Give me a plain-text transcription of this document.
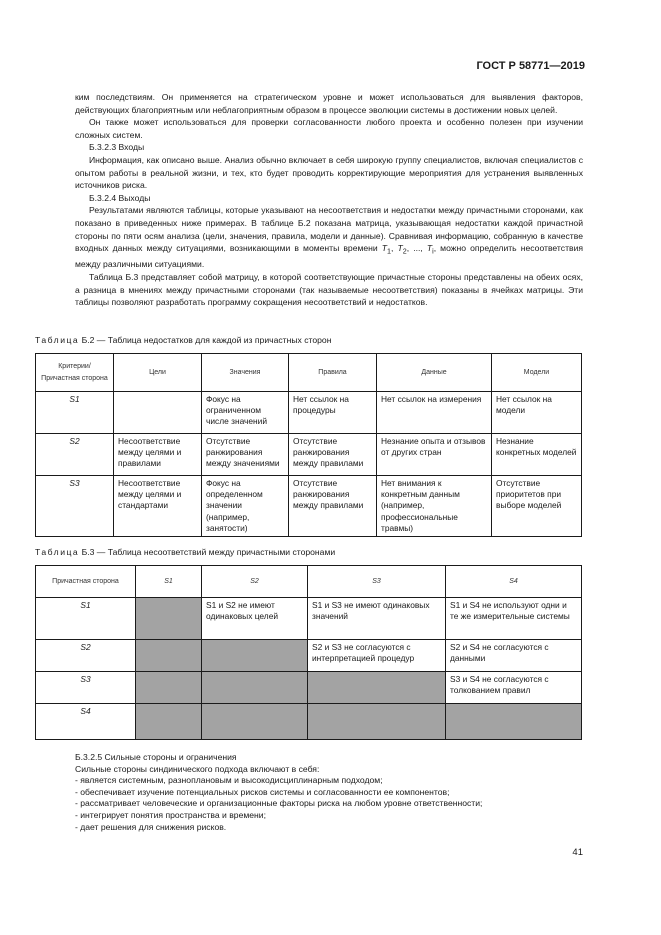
ГОСТ Р 58771—2019

ким последствиям. Он применяется на стратегическом уровне и может использоваться для выявления факторов, действующих благоприятным или неблагоприятным образом в процессе эволюции системы в достижении новых целей.

Он также может использоваться для проверки согласованности любого проекта и особенно полезен при изучении сложных систем.

Б.3.2.3 Входы

Информация, как описано выше. Анализ обычно включает в себя широкую группу специалистов, включая специалистов с опытом работы в реальной жизни, и тех, кто будет проводить корректирующие мероприятия для устранения выявленных источников риска.

Б.3.2.4 Выходы

Результатами являются таблицы, которые указывают на несоответствия и недостатки между причастными сторонами, как показано в приведенных ниже примерах. В таблице Б.2 показана матрица, указывающая недостатки каждой причастной стороны по пяти осям анализа (цели, значения, правила, модели и данные). Сравнивая информацию, собранную в качестве входных данных между ситуациями, возникающими в моменты времени $T_1$, $T_2$, ..., $T_i$, можно определить несоответствия между различными ситуациями.

Таблица Б.3 представляет собой матрицу, в которой соответствующие причастные стороны представлены на обеих осях, а разница в мнениях между причастными сторонами (так называемые несоответствия) показаны в ячейках матрицы. Эти таблицы позволяют разработать программу сокращения несоответствий и недостатков.

Таблица Б.2 — Таблица недостатков для каждой из причастных сторон
Критерии/ Причастная сторона	Цели	Значения	Правила	Данные	Модели
S1		Фокус на ограниченном числе значений	Нет ссылок на процедуры	Нет ссылок на измерения	Нет ссылок на модели
S2	Несоответствие между целями и правилами	Отсутствие ранжирования между значениями	Отсутствие ранжирования между правилами	Незнание опыта и отзывов от других стран	Незнание конкретных моделей
S3	Несоответствие между целями и стандартами	Фокус на определенном значении (например, занятости)	Отсутствие ранжирования между правилами	Нет внимания к конкретным данным (например, профессиональные травмы)	Отсутствие приоритетов при выборе моделей
Таблица Б.3 — Таблица несоответствий между причастными сторонами
Причастная сторона	S1	S2	S3	S4
S1		S1 и S2 не имеют одинаковых целей	S1 и S3 не имеют одинаковых значений	S1 и S4 не используют одни и те же измерительные системы
S2			S2 и S3 не согласуются с интерпретацией процедур	S2 и S4 не согласуются с данными
S3				S3 и S4 не согласуются с толкованием правил
S4				

Б.3.2.5 Сильные стороны и ограничения

Сильные стороны синдинического подхода включают в себя:

- является системным, разноплановым и высокодисциплинарным подходом;

- обеспечивает изучение потенциальных рисков системы и согласованности ее компонентов;

- рассматривает человеческие и организационные факторы риска на любом уровне ответственности;

- интегрирует понятия пространства и времени;

- дает решения для снижения рисков.

41
